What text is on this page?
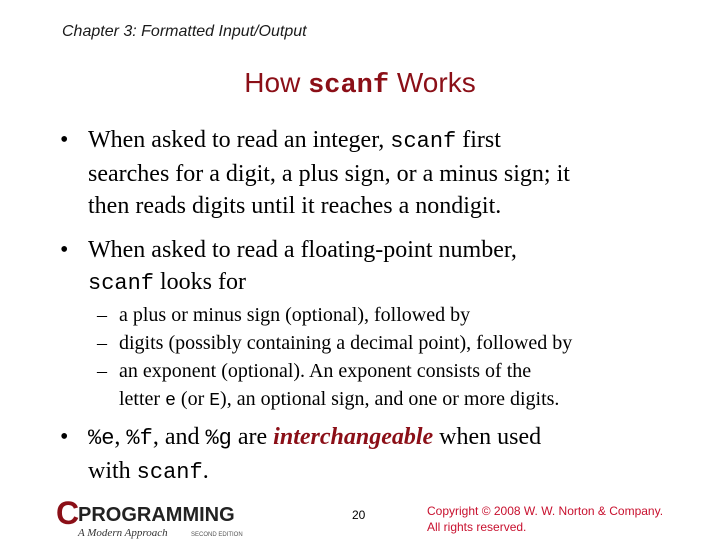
Chapter 3: Formatted Input/Output
How scanf Works
• When asked to read an integer, scanf first
searches for a digit, a plus sign, or a minus sign; it
then reads digits until it reaches a nondigit.
• When asked to read a floating-point number,
scanf looks for
– a plus or minus sign (optional), followed by
– digits (possibly containing a decimal point), followed by
– an exponent (optional). An exponent consists of the
letter e (or E), an optional sign, and one or more digits.
• %e, %f, and %g are interchangeable when used
with scanf.
C
PROGRAMMING
A Modern Approach	SECOND EDITION
20	Copyright © 2008 W. W. Norton & Company.
All rights reserved.
